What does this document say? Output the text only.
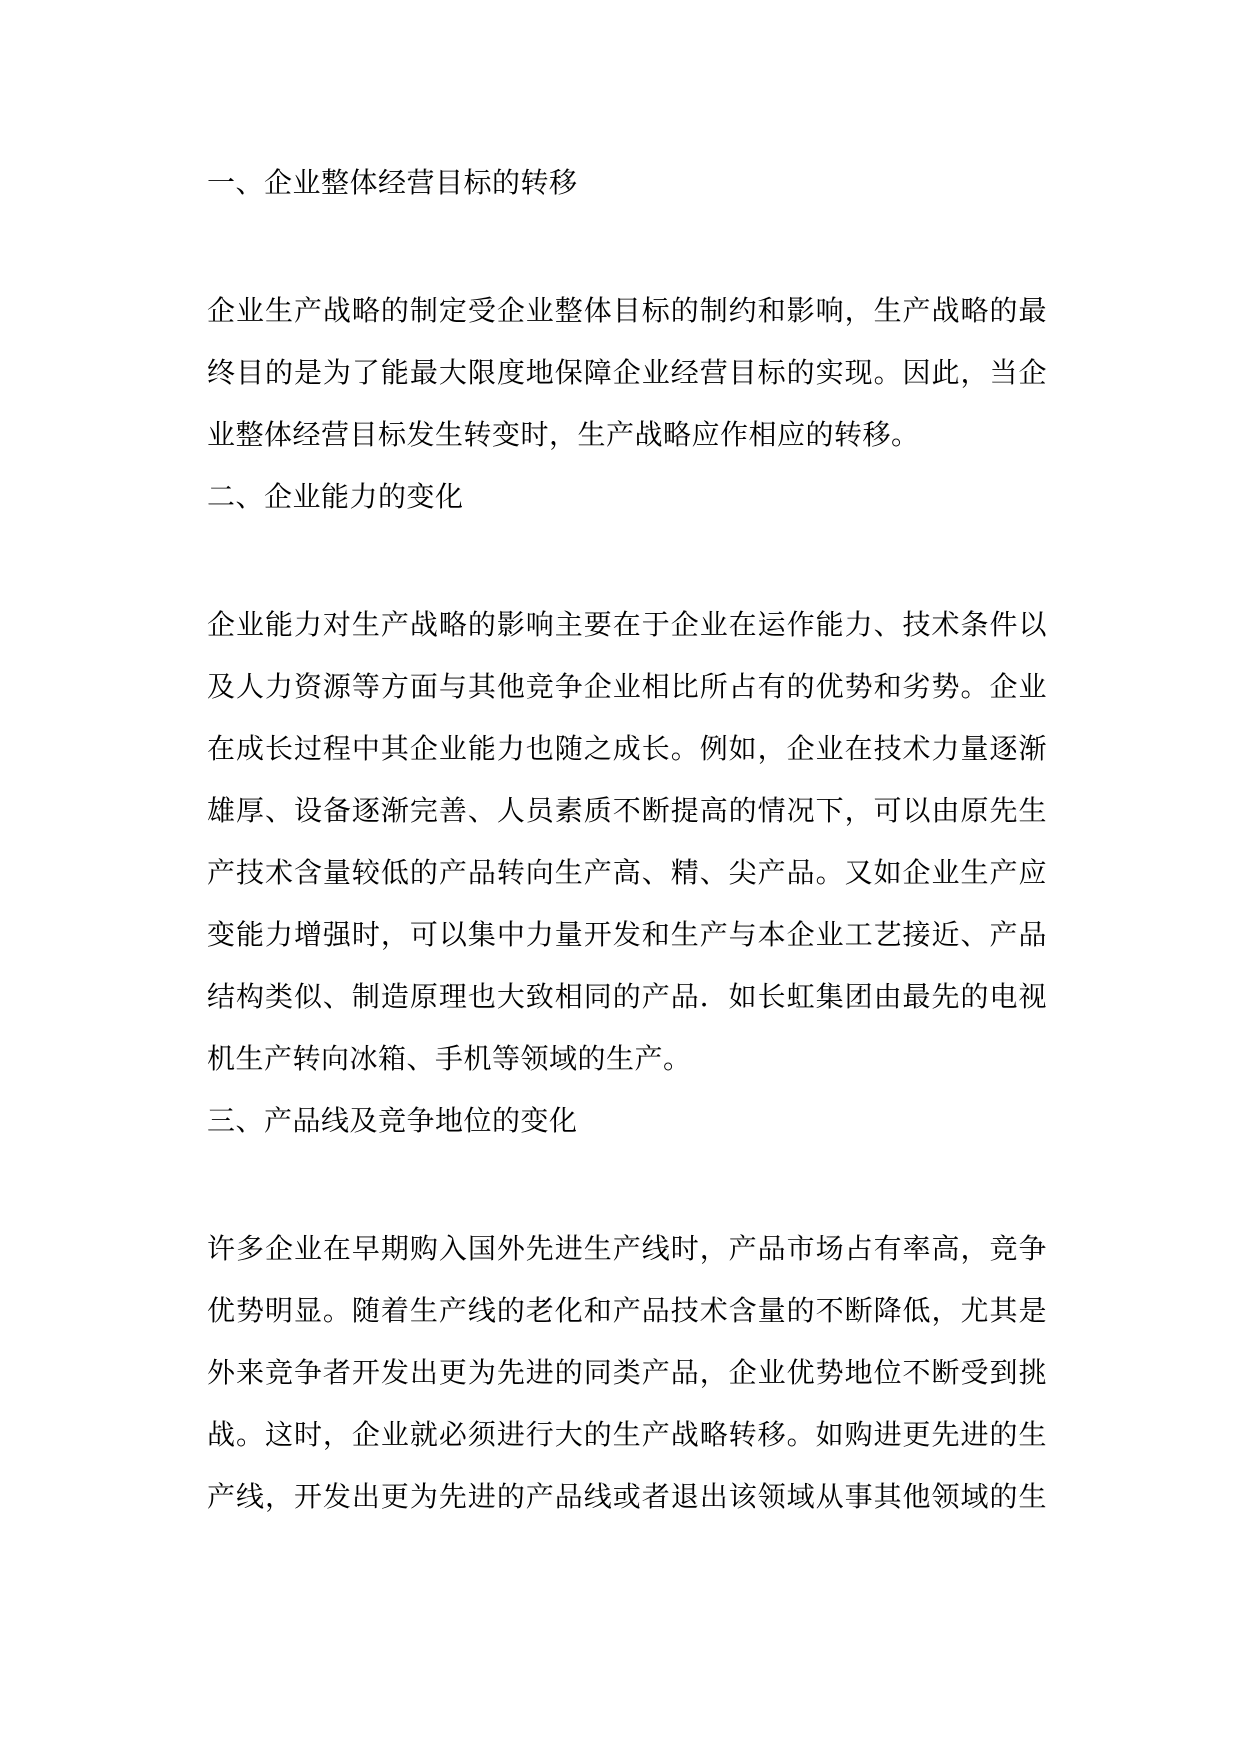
一、企业整体经营目标的转移

企业生产战略的制定受企业整体目标的制约和影响，生产战略的最
终目的是为了能最大限度地保障企业经营目标的实现。因此，当企
业整体经营目标发生转变时，生产战略应作相应的转移。

二、企业能力的变化

企业能力对生产战略的影响主要在于企业在运作能力、技术条件以
及人力资源等方面与其他竞争企业相比所占有的优势和劣势。企业
在成长过程中其企业能力也随之成长。例如，企业在技术力量逐渐
雄厚、设备逐渐完善、人员素质不断提高的情况下，可以由原先生
产技术含量较低的产品转向生产高、精、尖产品。又如企业生产应
变能力增强时，可以集中力量开发和生产与本企业工艺接近、产品
结构类似、制造原理也大致相同的产品．如长虹集团由最先的电视
机生产转向冰箱、手机等领域的生产。

三、产品线及竞争地位的变化

许多企业在早期购入国外先进生产线时，产品市场占有率高，竞争
优势明显。随着生产线的老化和产品技术含量的不断降低，尤其是
外来竞争者开发出更为先进的同类产品，企业优势地位不断受到挑
战。这时，企业就必须进行大的生产战略转移。如购进更先进的生
产线，开发出更为先进的产品线或者退出该领域从事其他领域的生
